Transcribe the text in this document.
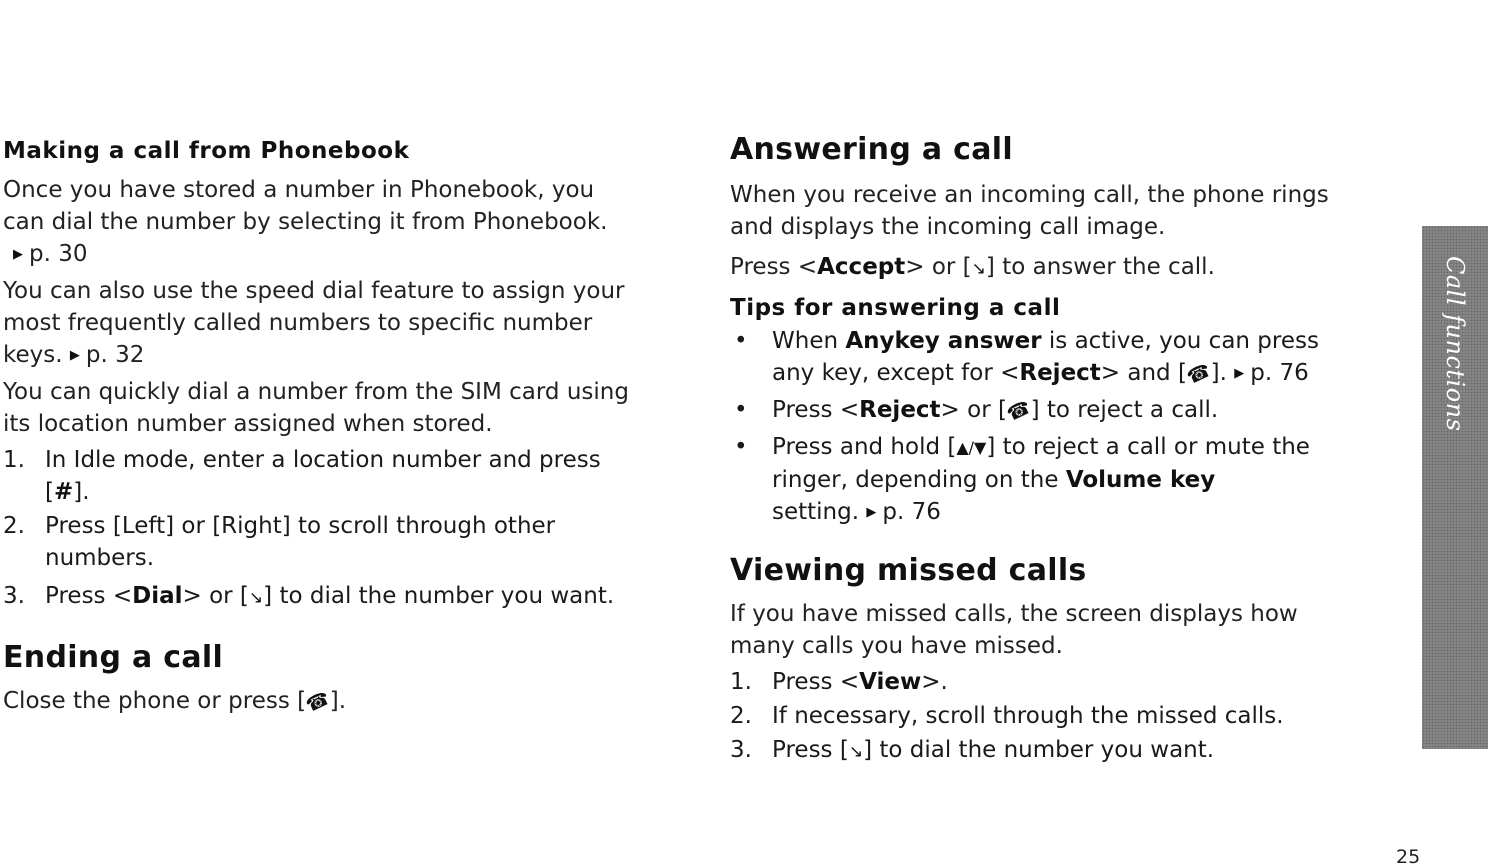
Making a call from Phonebook

Once you have stored a number in Phonebook, you
can dial the number by selecting it from Phonebook.
▶ p. 30
You can also use the speed dial feature to assign your
most frequently called numbers to specific number
keys. ▶ p. 32
You can quickly dial a number from the SIM card using
its location number assigned when stored.
1. In Idle mode, enter a location number and press
[#].
2. Press [Left] or [Right] to scroll through other
numbers.
3. Press <Dial> or [↘] to dial the number you want.

Ending a call

Close the phone or press [☎].

Answering a call

When you receive an incoming call, the phone rings
and displays the incoming call image.
Press <Accept> or [↘] to answer the call.

Tips for answering a call

• When Anykey answer is active, you can press
any key, except for <Reject> and [☎]. ▶ p. 76
• Press <Reject> or [☎] to reject a call.
• Press and hold [▲/▼] to reject a call or mute the
ringer, depending on the Volume key
setting. ▶ p. 76

Viewing missed calls

If you have missed calls, the screen displays how
many calls you have missed.
1. Press <View>.
2. If necessary, scroll through the missed calls.
3. Press [↘] to dial the number you want.
Call functions
25
